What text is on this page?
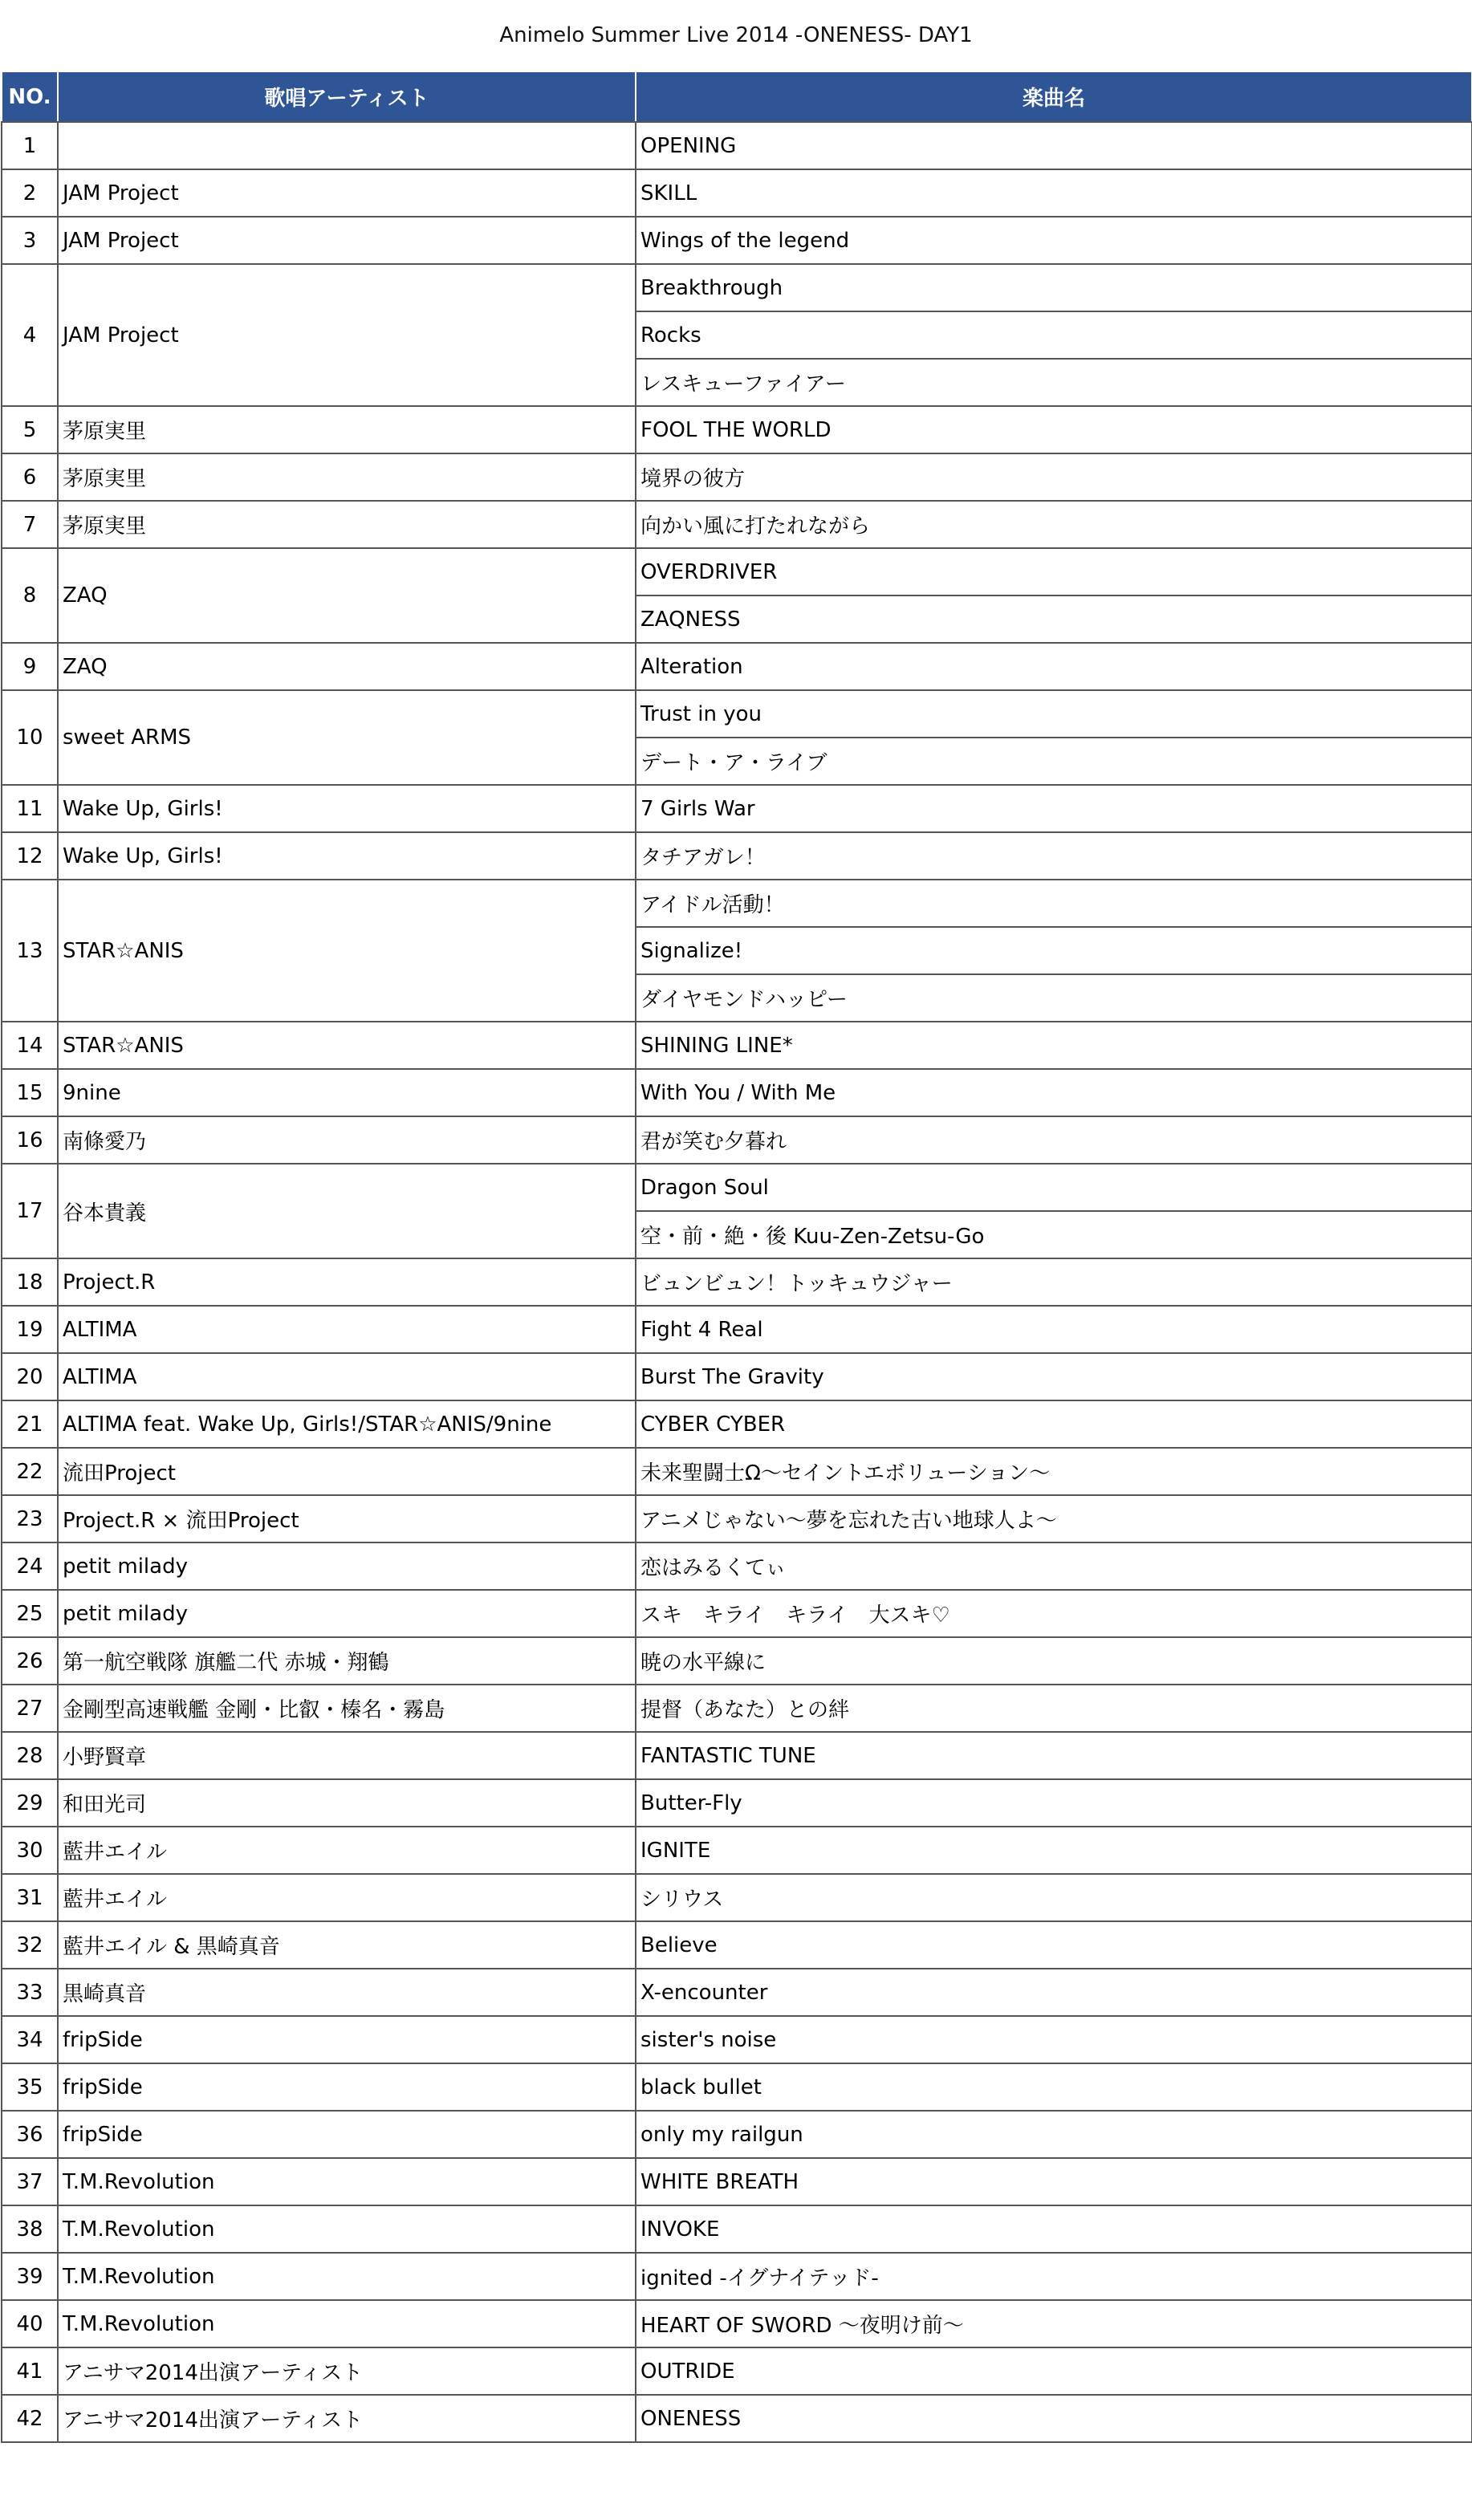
Animelo Summer Live 2014 -ONENESS- DAY1
NO.	歌唱アーティスト	楽曲名
1		OPENING
2	JAM Project	SKILL
3	JAM Project	Wings of the legend
4	JAM Project	Breakthrough
		Rocks
		レスキューファイアー
5	茅原実里	FOOL THE WORLD
6	茅原実里	境界の彼方
7	茅原実里	向かい風に打たれながら
8	ZAQ	OVERDRIVER
		ZAQNESS
9	ZAQ	Alteration
10	sweet ARMS	Trust in you
		デート・ア・ライブ
11	Wake Up, Girls!	7 Girls War
12	Wake Up, Girls!	タチアガレ！
13	STAR☆ANIS	アイドル活動！
		Signalize!
		ダイヤモンドハッピー
14	STAR☆ANIS	SHINING LINE*
15	9nine	With You / With Me
16	南條愛乃	君が笑む夕暮れ
17	谷本貴義	Dragon Soul
		空・前・絶・後 Kuu-Zen-Zetsu-Go
18	Project.R	ビュンビュン！トッキュウジャー
19	ALTIMA	Fight 4 Real
20	ALTIMA	Burst The Gravity
21	ALTIMA feat. Wake Up, Girls!/STAR☆ANIS/9nine	CYBER CYBER
22	流田Project	未来聖闘士Ω～セイントエボリューション～
23	Project.R × 流田Project	アニメじゃない～夢を忘れた古い地球人よ～
24	petit milady	恋はみるくてぃ
25	petit milady	スキ　キライ　キライ　大スキ♡
26	第一航空戦隊 旗艦二代 赤城・翔鶴	暁の水平線に
27	金剛型高速戦艦 金剛・比叡・榛名・霧島	提督（あなた）との絆
28	小野賢章	FANTASTIC TUNE
29	和田光司	Butter-Fly
30	藍井エイル	IGNITE
31	藍井エイル	シリウス
32	藍井エイル & 黒崎真音	Believe
33	黒崎真音	X-encounter
34	fripSide	sister's noise
35	fripSide	black bullet
36	fripSide	only my railgun
37	T.M.Revolution	WHITE BREATH
38	T.M.Revolution	INVOKE
39	T.M.Revolution	ignited -イグナイテッド-
40	T.M.Revolution	HEART OF SWORD ～夜明け前～
41	アニサマ2014出演アーティスト	OUTRIDE
42	アニサマ2014出演アーティスト	ONENESS
